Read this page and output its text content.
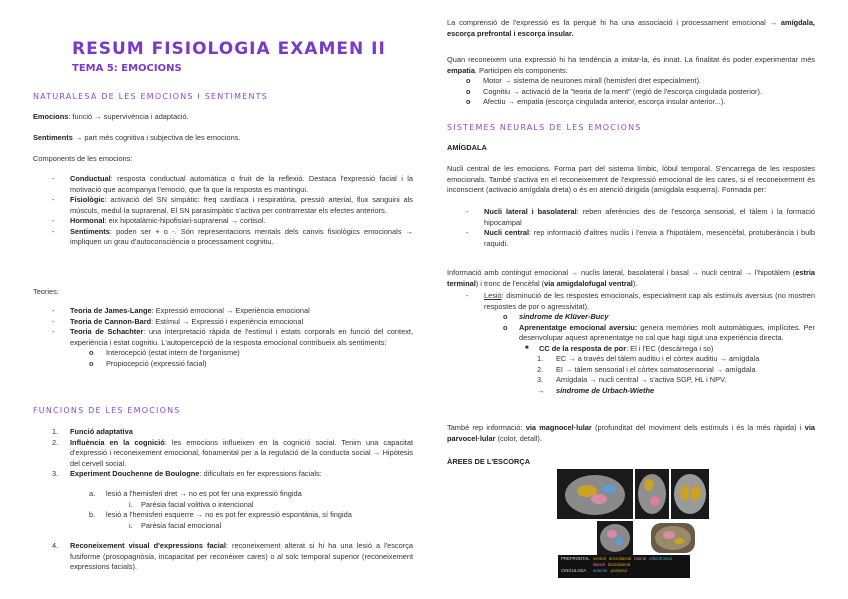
RESUM FISIOLOGIA EXAMEN II
TEMA 5: EMOCIONS
NATURALESA DE LES EMOCIONS I SENTIMENTS

Emocions: funció → supervivència i adaptació.

Sentiments → part més cognitiva i subjectiva de les emocions.

Components de les emocions:

- Conductual: resposta conductual automàtica o fruit de la reflexió. Destaca l'expressió facial i la motivació que acompanya l'emoció, que fa que la resposta es mantingui.
- Fisiològic: activació del SN simpàtic: freq cardíaca i respiratòria, pressió arterial, flux sanguini als músculs, medul·la suprarenal. El SN parasimpàtic s'activa per contrarrestar els efectes anteriors.
- Hormonal: eix hipotalàmic-hipofisiari-suprarenal → cortisol.
- Sentiments: poden ser + o -. Són representacions mentals dels canvis fisiològics emocionals → impliquen un grau d'autoconsciència o processament cognitiu.

Teories:

- Teoria de James-Lange: Expressió emocional → Experiència emocional
- Teoria de Cannon-Bard: Estímul → Expressió i experiència emocional
- Teoria de Schachter: una interpretació ràpida de l'estímul i estats corporals en funció del context, experiència i estat cognitiu. L'autopercepció de la resposta emocional contribueix als sentiments:
o Interocepció (estat intern de l'organisme)
o Propiocepció (expressió facial)
FUNCIONS DE LES EMOCIONS
1. Funció adaptativa
2. Influència en la cognició: les emocions influeixen en la cognició social. Tenim una capacitat d'expressió i reconeixement emocional, fonamental per a la regulació de la conducta social → Hipòtesis del cervell social.
3. Experiment Douchenne de Boulogne: dificultats en fer expressions facials:
a. lesió a l'hemisferi dret → no es pot fer una expressió fingida
i. Parèsia facial volitiva o intencional
b. lesió a l'hemisferi esquerre → no es pot fer expressió espontània, sí fingida
i. Parèsia facial emocional
4. Reconeixement visual d'expressions facial: reconeixement alterat si hi ha una lesió a l'escorça fusiforme (prosopagnòsia, incapacitat per reconèixer cares) o al solc temporal superior (reconeixement expressions facials).

La comprensió de l'expressió es fa perquè hi ha una associació i processament emocional → amígdala, escorça prefrontal i escorça insular.

Quan reconeixem una expressió hi ha tendència a imitar-la, és innat. La finalitat és poder experimentar més empatia. Participen els components:

o Motor → sistema de neurones mirall (hemisferi dret especialment).
o Cognitiu → activació de la "teoria de la ment" (regió de l'escorça cingulada posterior).
o Afectiu → empatia (escorça cingulada anterior, escorça insular anterior...).
SISTEMES NEURALS DE LES EMOCIONS

AMÍGDALA

Nucli central de les emocions. Forma part del sistema límbic, lòbul temporal. S'encarrega de les respostes emocionals. També s'activa en el reconeixement de l'expressió emocional de les cares, si el reconeixement és inconscient (activació amígdala dreta) o és en atenció dirigida (amígdala esquerra). Formada per:

- Nucli lateral i basolateral: reben aferències des de l'escorça sensorial, el tàlem i la formació hipocampal
- Nucli central: rep informació d'altres nuclis i l'envia a l'hipotàlem, mesencèfal, protuberància i bulb raquidi.

Informació amb contingut emocional → nuclis lateral, basolateral i basal → nucli central → l'hipotàlem (estria terminal) i tronc de l'encèfal (via amigdalofugal ventral).

- Lesió: disminució de les respostes emocionals, especialment cap als estímuls aversius (no mostren respostes de por o agressivitat).
o síndrome de Klüver-Bucy
o Aprenentatge emocional aversiu: genera memòries molt automàtiques, implícites. Per desenvolupar aquest aprenentatge no cal que hagi sigut una experiència directa.
■ CC de la resposta de por: El i l'EC (descàrrega i so)
1. EC → a través del tàlem auditiu i el còrtex auditiu → amígdala
2. EI → tàlem sensorial i el còrtex somatosensorial → amígdala
3. Amígdala → nucli central → s'activa SGP, HL i NPV.
→ síndrome de Urbach-Wiethe

També rep informació: via magnocel·lular (profunditat del moviment dels estímuls i és la més ràpida) i via parvocel·lular (color, detall).

ÀREES DE L'ESCORÇA

PREFRONTAL ventral dorsolateral lateral orbitofrontal
lateral dorsolateral
CINGULADA anterior posterior
